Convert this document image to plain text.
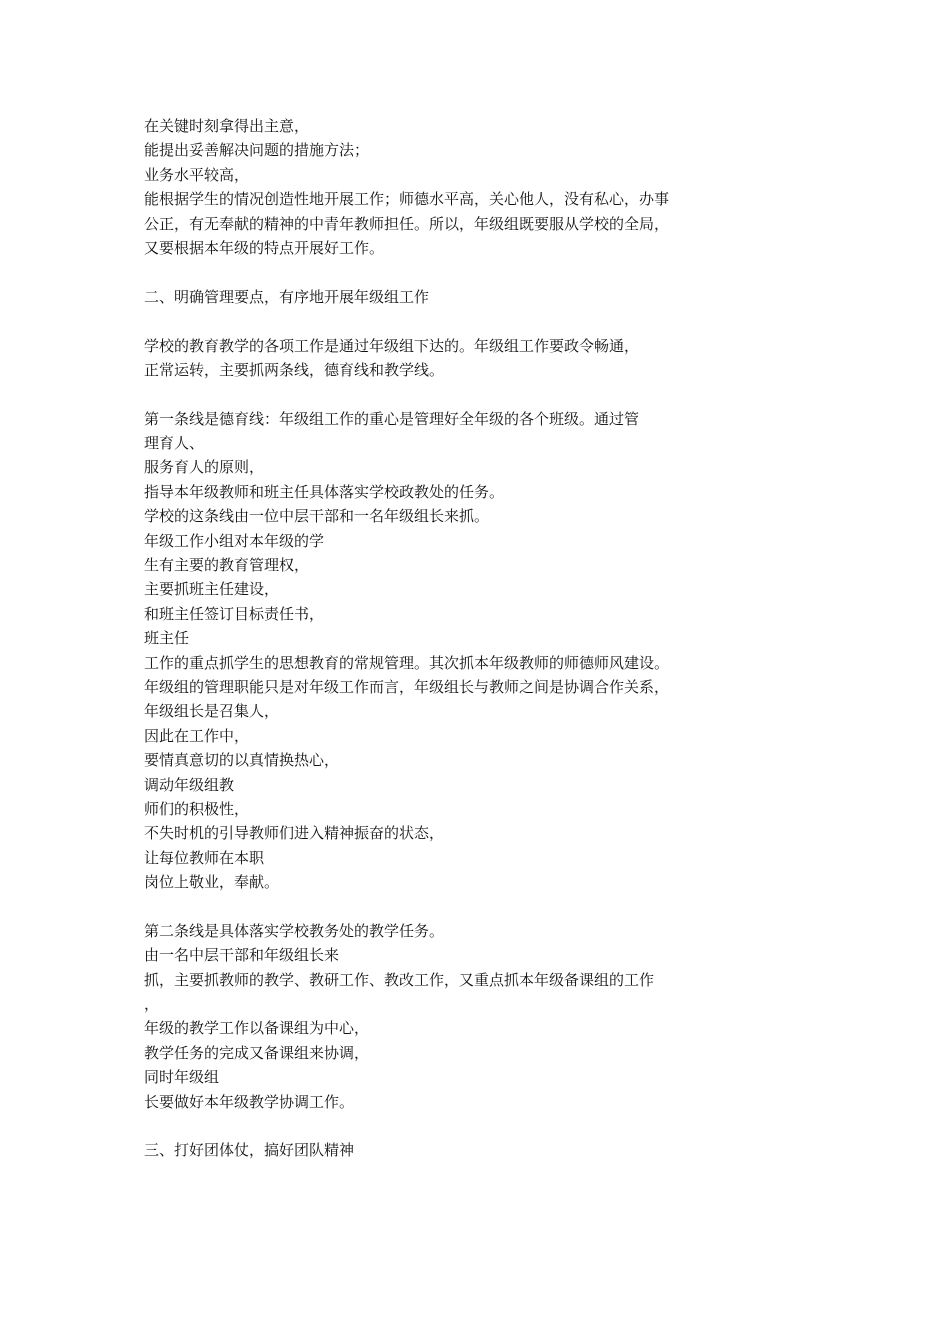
在关键时刻拿得出主意，
能提出妥善解决问题的措施方法；
业务水平较高，
能根据学生的情况创造性地开展工作；师德水平高，关心他人，没有私心，办事
公正，有无奉献的精神的中青年教师担任。所以，年级组既要服从学校的全局，
又要根据本年级的特点开展好工作。
二、明确管理要点，有序地开展年级组工作
学校的教育教学的各项工作是通过年级组下达的。年级组工作要政令畅通，
正常运转，主要抓两条线，德育线和教学线。
第一条线是德育线：年级组工作的重心是管理好全年级的各个班级。通过管
理育人、
服务育人的原则，
指导本年级教师和班主任具体落实学校政教处的任务。
学校的这条线由一位中层干部和一名年级组长来抓。
年级工作小组对本年级的学
生有主要的教育管理权，
主要抓班主任建设，
和班主任签订目标责任书，
班主任
工作的重点抓学生的思想教育的常规管理。其次抓本年级教师的师德师风建设。
年级组的管理职能只是对年级工作而言，年级组长与教师之间是协调合作关系，
年级组长是召集人，
因此在工作中，
要情真意切的以真情换热心，
调动年级组教
师们的积极性，
不失时机的引导教师们进入精神振奋的状态，
让每位教师在本职
岗位上敬业，奉献。
第二条线是具体落实学校教务处的教学任务。
由一名中层干部和年级组长来
抓，主要抓教师的教学、教研工作、教改工作，又重点抓本年级备课组的工作
，
年级的教学工作以备课组为中心，
教学任务的完成又备课组来协调，
同时年级组
长要做好本年级教学协调工作。
三、打好团体仗，搞好团队精神
